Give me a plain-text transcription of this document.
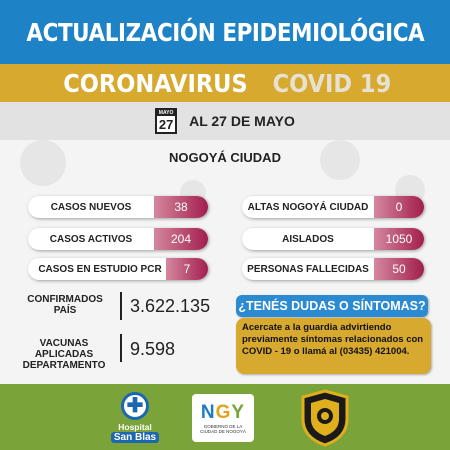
ACTUALIZACIÓN EPIDEMIOLÓGICA
CORONAVIRUS COVID 19
MAYO
27 AL 27 DE MAYO
NOGOYÁ CIUDAD
CASOS NUEVOS	38
CASOS ACTIVOS	204
CASOS EN ESTUDIO PCR	7
ALTAS NOGOYÁ CIUDAD	0
AISLADOS	1050
PERSONAS FALLECIDAS	50
CONFIRMADOS
PAÍS	3.622.135
VACUNAS APLICADAS
DEPARTAMENTO
9.598
¿TENÉS DUDAS O SÍNTOMAS?
Acercate a la guardia advirtiendo
previamente síntomas relacionados con
COVID - 19 o llamá al (03435) 421004.
✚
Hospital
San Blas
NGY
GOBIERNO DE LA CIUDAD DE NOGOYÁ
